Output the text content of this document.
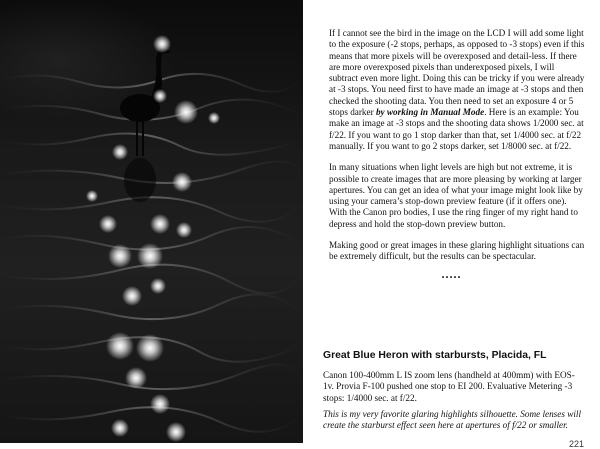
If I cannot see the bird in the image on the LCD I will add some light to the exposure (-2 stops, perhaps, as opposed to -3 stops) even if this means that more pixels will be overexposed and detail-less. If there are more overexposed pixels than underexposed pixels, I will subtract even more light. Doing this can be tricky if you were already at -3 stops. You need first to have made an image at -3 stops and then checked the shooting data. You then need to set an exposure 4 or 5 stops darker by working in Manual Mode. Here is an example: You make an image at -3 stops and the shooting data shows 1/2000 sec. at f/22. If you want to go 1 stop darker than that, set 1/4000 sec. at f/22 manually. If you want to go 2 stops darker, set 1/8000 sec. at f/22.

In many situations when light levels are high but not extreme, it is possible to create images that are more pleasing by working at larger apertures. You can get an idea of what your image might look like by using your camera’s stop-down preview feature (if it offers one). With the Canon pro bodies, I use the ring finger of my right hand to depress and hold the stop-down preview button.

Making good or great images in these glaring highlight situations can be extremely difficult, but the results can be spectacular.

.....
Great Blue Heron with starbursts, Placida, FL
Canon 100-400mm L IS zoom lens (handheld at 400mm) with EOS-1v. Provia F-100 pushed one stop to EI 200. Evaluative Metering -3 stops: 1/4000 sec. at f/22.
This is my very favorite glaring highlights silhouette. Some lenses will create the starburst effect seen here at apertures of f/22 or smaller.
221
